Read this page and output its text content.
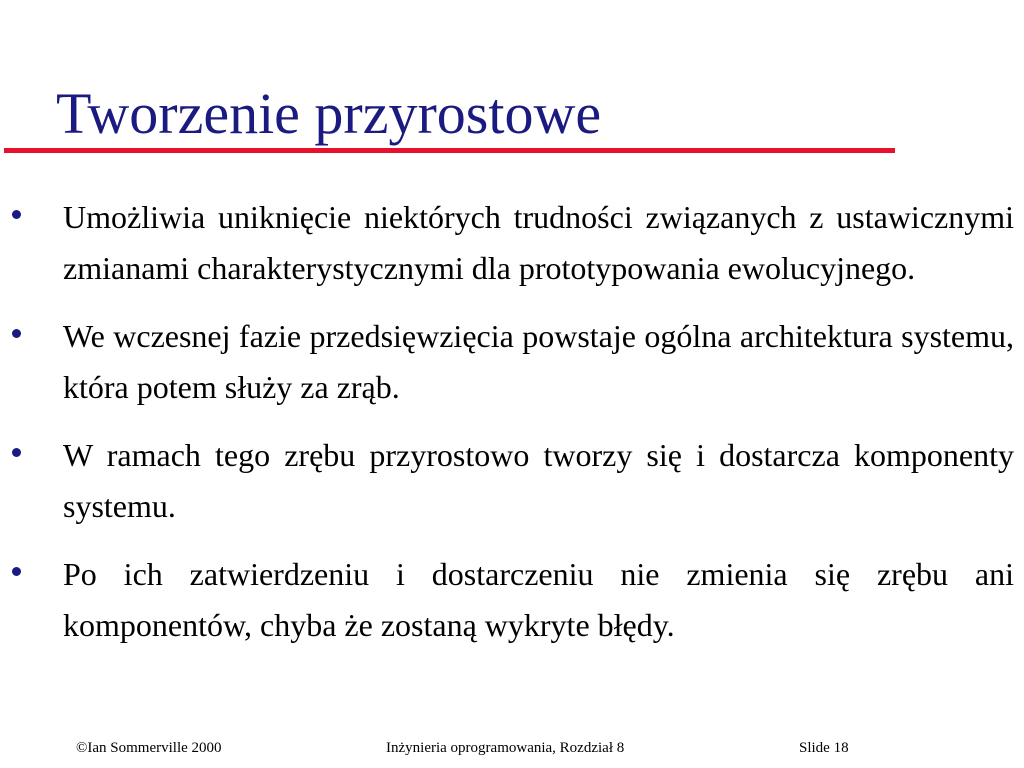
Tworzenie przyrostowe
Umożliwia uniknięcie niektórych trudności związanych z ustawicznymi zmianami charakterystycznymi dla prototypowania ewolucyjnego.
We wczesnej fazie przedsięwzięcia powstaje ogólna architektura systemu, która potem służy za zrąb.
W ramach tego zrębu przyrostowo tworzy się i dostarcza komponenty systemu.
Po ich zatwierdzeniu i dostarczeniu nie zmienia się zrębu ani komponentów, chyba że zostaną wykryte błędy.
©Ian Sommerville 2000	Inżynieria oprogramowania, Rozdział 8	Slide 18
